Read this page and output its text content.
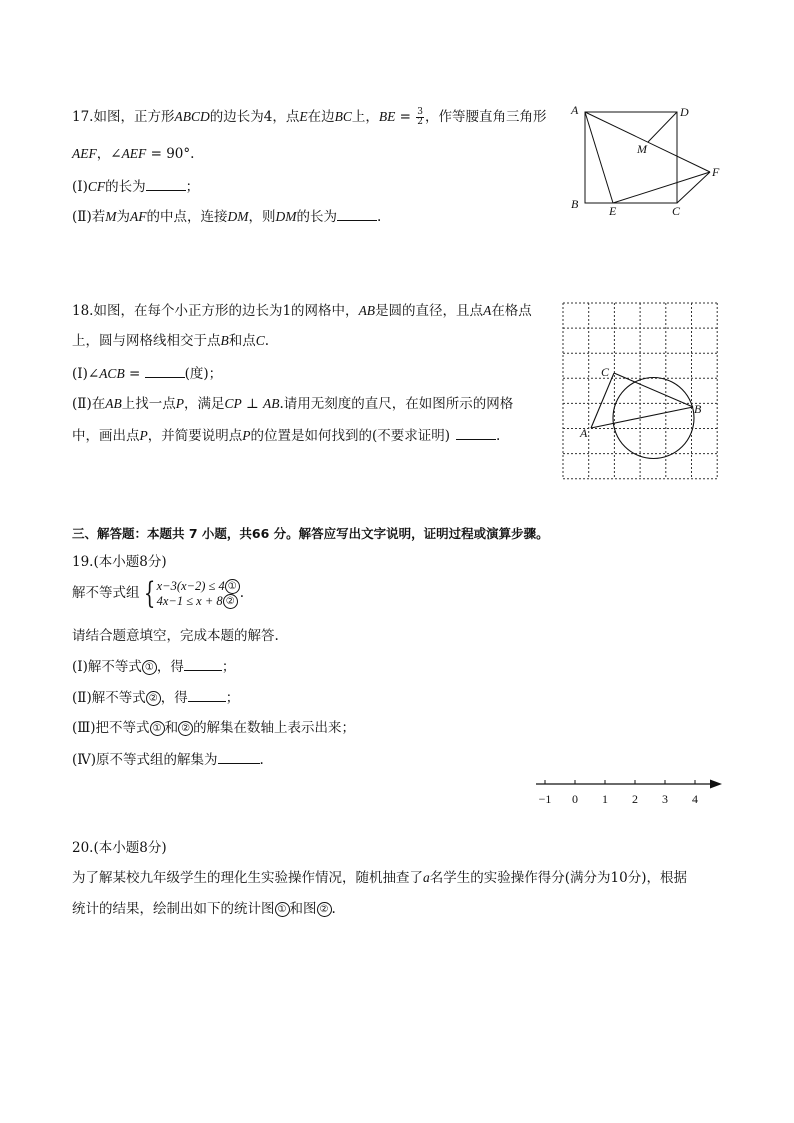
17.如图，正方形ABCD的边长为4，点E在边BC上，BE = $\frac{3}{2}$ ，作等腰直角三角形
AEF，∠AEF = 90°.
(Ⅰ)CF的长为	；
(Ⅱ)若M为AF的中点，连接DM，则DM的长为	.
A	D
M
F
B	E	C
18.如图，在每个小正方形的边长为1的网格中，AB是圆的直径，且点A在格点
上，圆与网格线相交于点B和点C.
(Ⅰ)∠ACB =	(度)；
(Ⅱ)在AB上找一点P，满足CP ⊥ AB.请用无刻度的直尺，在如图所示的网格
中，画出点P，并简要说明点P的位置是如何找到的(不要求证明)	.
C
B
A
三、解答题：本题共 7 小题，共66 分。解答应写出文字说明，证明过程或演算步骤。
19.(本小题8分)
解不等式组 { x−3(x−2) ≤ 4 ①
4x−1 ≤ x + 8 ② .
请结合题意填空，完成本题的解答.
(Ⅰ)解不等式 ① ，得	；
(Ⅱ)解不等式 ② ，得	；
(Ⅲ)把不等式 ① 和 ② 的解集在数轴上表示出来；
(Ⅳ)原不等式组的解集为	.
−1 0 1 2 3 4
20.(本小题8分)
为了解某校九年级学生的理化生实验操作情况，随机抽查了a名学生的实验操作得分(满分为10分)，根据
统计的结果，绘制出如下的统计图 ① 和图 ② .
